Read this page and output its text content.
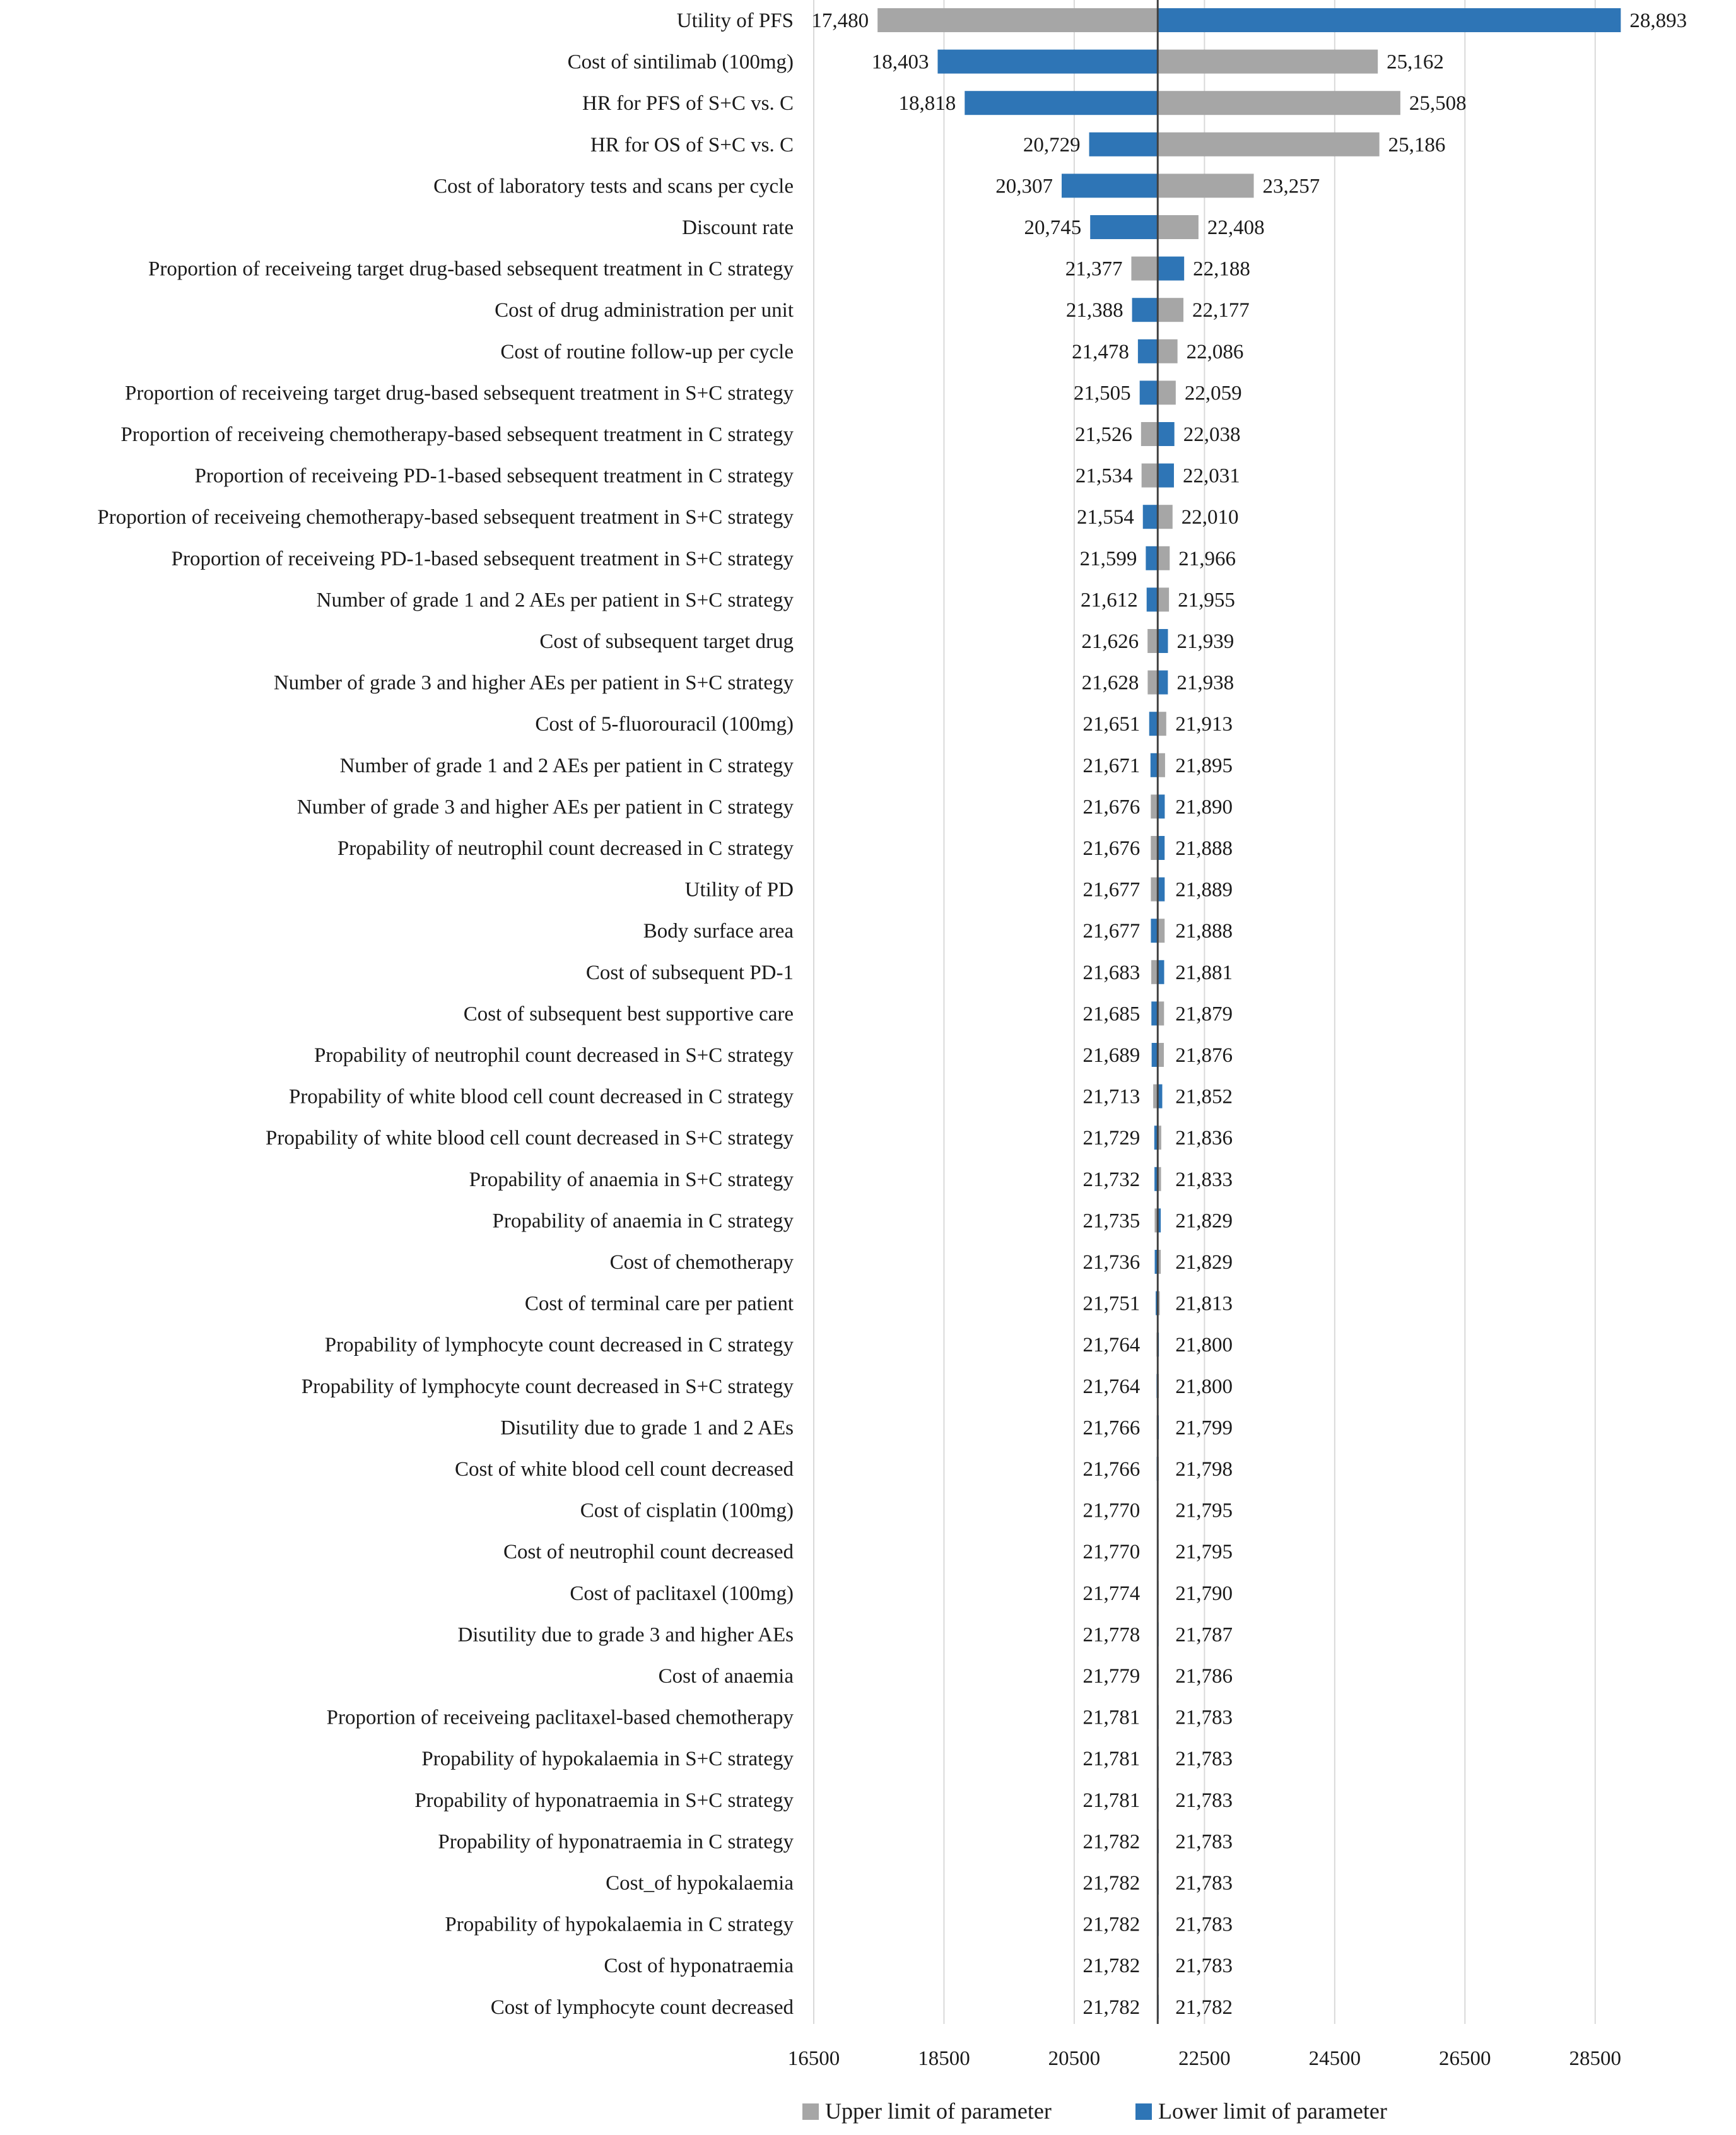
Utility of PFS
Cost of sintilimab (100mg)
HR for PFS of S+C vs. C
HR for OS of S+C vs. C
Cost of laboratory tests and scans per cycle
Discount rate
Proportion of receiveing target drug-based sebsequent treatment in C strategy
Cost of drug administration per unit
Cost of routine follow-up per cycle
Proportion of receiveing target drug-based sebsequent treatment in S+C strategy
Proportion of receiveing chemotherapy-based sebsequent treatment in C strategy
Proportion of receiveing PD-1-based sebsequent treatment in C strategy
Proportion of receiveing chemotherapy-based sebsequent treatment in S+C strategy
Proportion of receiveing PD-1-based sebsequent treatment in S+C strategy
Number of grade 1 and 2 AEs per patient in S+C strategy
Cost of subsequent target drug
Number of grade 3 and higher AEs per patient in S+C strategy
Cost of 5-fluorouracil (100mg)
Number of grade 1 and 2 AEs per patient in C strategy
Number of grade 3 and higher AEs per patient in C strategy
Propability of neutrophil count decreased in C strategy
Utility of PD
Body surface area
Cost of subsequent PD-1
Cost of subsequent best supportive care
Propability of neutrophil count decreased in S+C strategy
Propability of white blood cell count decreased in C strategy
Propability of white blood cell count decreased in S+C strategy
Propability of anaemia in S+C strategy
Propability of anaemia in C strategy
Cost of chemotherapy
Cost of terminal care per patient
Propability of lymphocyte count decreased in C strategy
Propability of lymphocyte count decreased in S+C strategy
Disutility due to grade 1 and 2 AEs
Cost of white blood cell count decreased
Cost of cisplatin (100mg)
Cost of neutrophil count decreased
Cost of paclitaxel (100mg)
Disutility due to grade 3 and higher AEs
Cost of anaemia
Proportion of receiveing paclitaxel-based chemotherapy
Propability of hypokalaemia in S+C strategy
Propability of hyponatraemia in S+C strategy
Propability of hyponatraemia in C strategy
Cost_of hypokalaemia
Propability of hypokalaemia in C strategy
Cost of hyponatraemia
Cost of lymphocyte count decreased
17,480	28,893
18,403	25,162
18,818	25,508
20,729	25,186
20,307	23,257
20,745	22,408
21,377	22,188
21,388	22,177
21,478	22,086
21,505	22,059
21,526 22,038
21,534 22,031
21,554 22,010
21,599 21,966
21,612 21,955
21,626 21,939
21,628 21,938
21,651 21,913
21,671 21,895
21,676 21,890
21,676 21,888
21,677 21,889
21,677 21,888
21,683 21,881
21,685 21,879
21,689 21,876
21,713 21,852
21,729 21,836
21,732 21,833
21,735 21,829
21,736 21,829
21,751 21,813
21,764 21,800
21,764 21,800
21,766 21,799
21,766 21,798
21,770 21,795
21,770 21,795
21,774 21,790
21,778 21,787
21,779 21,786
21,781 21,783
21,781 21,783
21,781 21,783
21,782 21,783
21,782 21,783
21,782 21,783
21,782 21,783
21,782 21,782
16500	18500	20500	22500	24500	26500	28500
Upper limit of parameter	Lower limit of parameter
